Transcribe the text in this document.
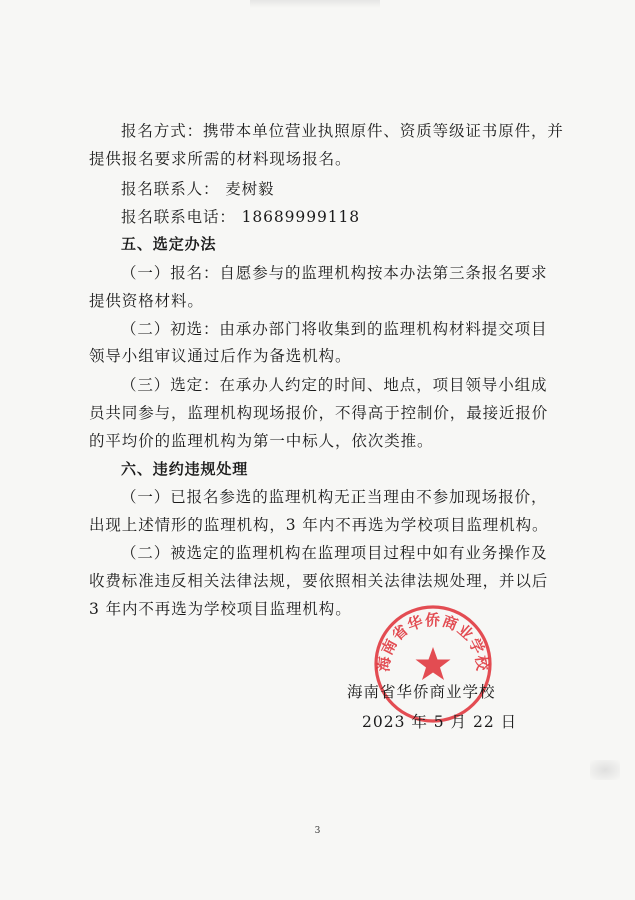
报名方式：携带本单位营业执照原件、资质等级证书原件，并

提供报名要求所需的材料现场报名。

报名联系人： 麦树毅

报名联系电话： 18689999118

五、选定办法

（一）报名：自愿参与的监理机构按本办法第三条报名要求

提供资格材料。

（二）初选：由承办部门将收集到的监理机构材料提交项目

领导小组审议通过后作为备选机构。

（三）选定：在承办人约定的时间、地点，项目领导小组成

员共同参与，监理机构现场报价，不得高于控制价，最接近报价

的平均价的监理机构为第一中标人，依次类推。

六、违约违规处理

（一）已报名参选的监理机构无正当理由不参加现场报价，

出现上述情形的监理机构，3 年内不再选为学校项目监理机构。

（二）被选定的监理机构在监理项目过程中如有业务操作及

收费标准违反相关法律法规，要依照相关法律法规处理，并以后

3 年内不再选为学校项目监理机构。

海南省华侨商业学校

海南省华侨商业学校

2023 年 5 月 22 日

3
